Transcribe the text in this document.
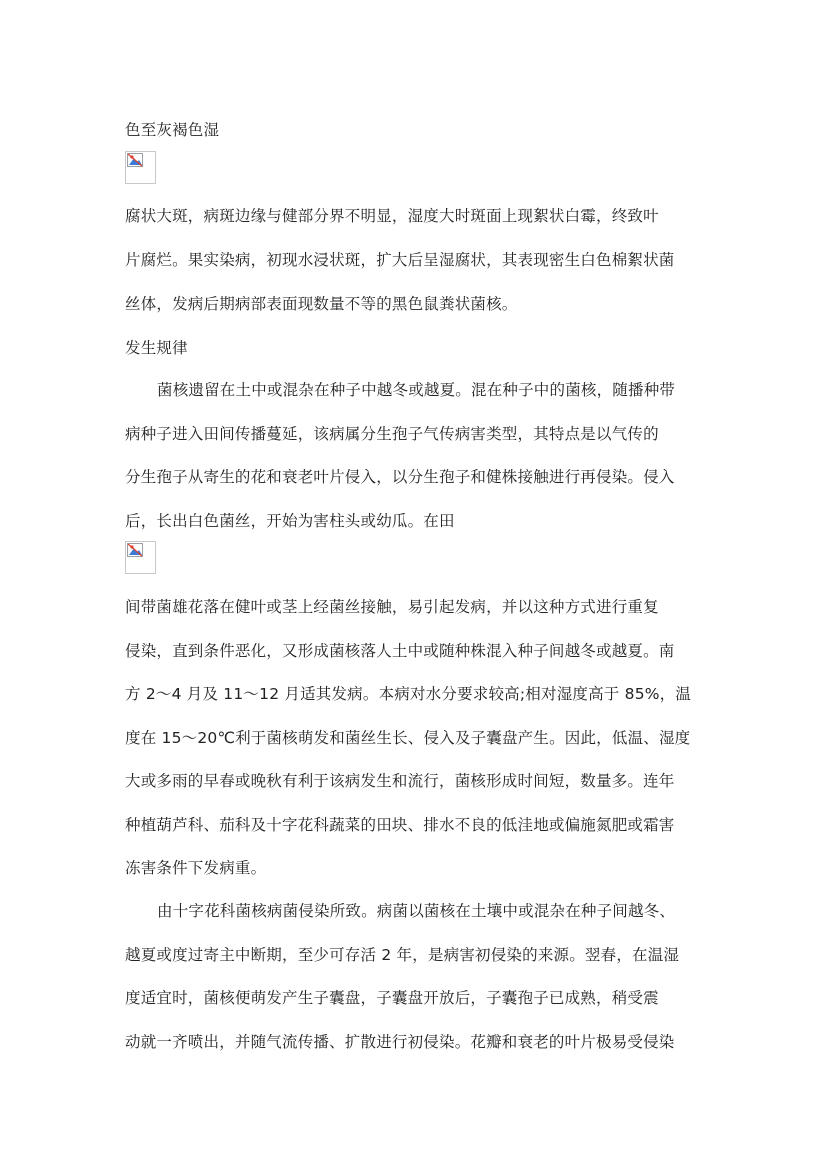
色至灰褐色湿
腐状大斑，病斑边缘与健部分界不明显，湿度大时斑面上现絮状白霉，终致叶
片腐烂。果实染病，初现水浸状斑，扩大后呈湿腐状，其表现密生白色棉絮状菌
丝体，发病后期病部表面现数量不等的黑色鼠粪状菌核。
发生规律
菌核遗留在土中或混杂在种子中越冬或越夏。混在种子中的菌核，随播种带
病种子进入田间传播蔓延，该病属分生孢子气传病害类型，其特点是以气传的
分生孢子从寄生的花和衰老叶片侵入，以分生孢子和健株接触进行再侵染。侵入
后，长出白色菌丝，开始为害柱头或幼瓜。在田
间带菌雄花落在健叶或茎上经菌丝接触，易引起发病，并以这种方式进行重复
侵染，直到条件恶化，又形成菌核落人土中或随种株混入种子间越冬或越夏。南
方 2～4 月及 11～12 月适其发病。本病对水分要求较高;相对湿度高于 85%，温
度在 15～20℃利于菌核萌发和菌丝生长、侵入及子囊盘产生。因此，低温、湿度
大或多雨的早春或晚秋有利于该病发生和流行，菌核形成时间短，数量多。连年
种植葫芦科、茄科及十字花科蔬菜的田块、排水不良的低洼地或偏施氮肥或霜害
冻害条件下发病重。
由十字花科菌核病菌侵染所致。病菌以菌核在土壤中或混杂在种子间越冬、
越夏或度过寄主中断期，至少可存活 2 年，是病害初侵染的来源。翌春，在温湿
度适宜时，菌核便萌发产生子囊盘，子囊盘开放后，子囊孢子已成熟，稍受震
动就一齐喷出，并随气流传播、扩散进行初侵染。花瓣和衰老的叶片极易受侵染
